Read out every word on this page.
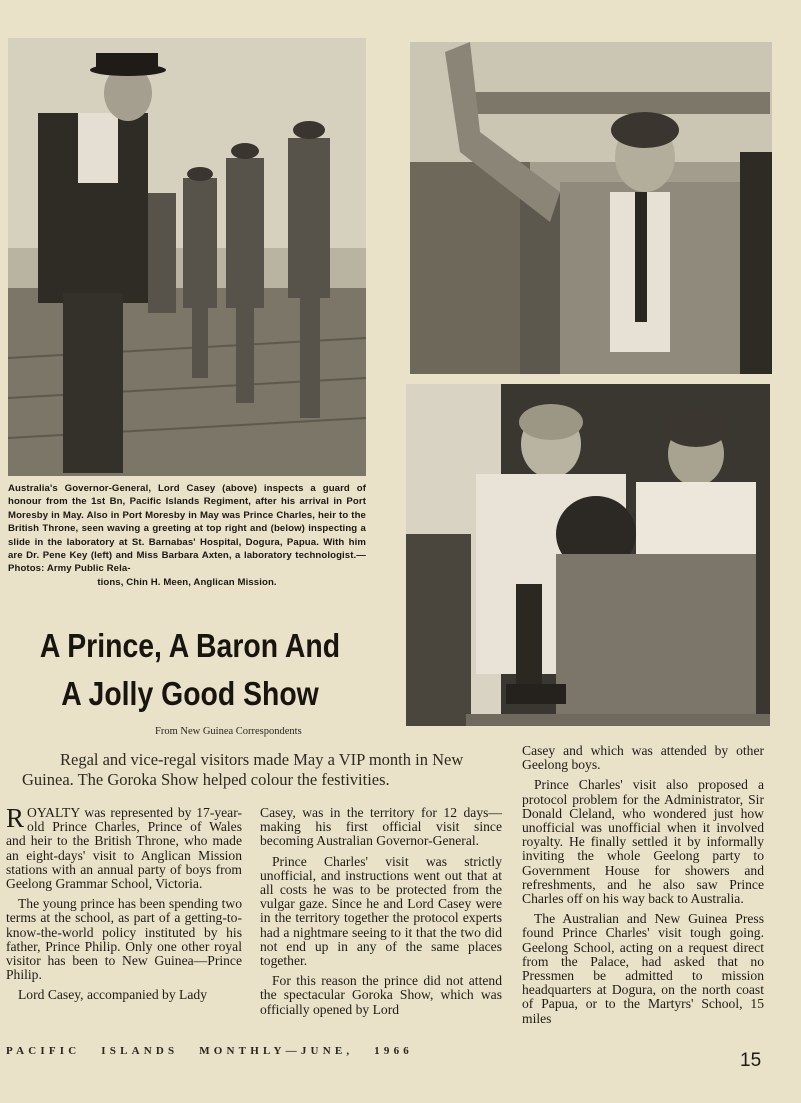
Australia's Governor-General, Lord Casey (above) inspects a guard of honour from the 1st Bn, Pacific Islands Regiment, after his arrival in Port Moresby in May. Also in Port Moresby in May was Prince Charles, heir to the British Throne, seen waving a greeting at top right and (below) inspecting a slide in the laboratory at St. Barnabas' Hospital, Dogura, Papua. With him are Dr. Pene Key (left) and Miss Barbara Axten, a laboratory technologist.—Photos: Army Public Rela-
tions, Chin H. Meen, Anglican Mission.
A Prince, A Baron And
A Jolly Good Show
From New Guinea Correspondents
Regal and vice-regal visitors made May a VIP month in New Guinea. The Goroka Show helped colour the festivities.

ROYALTY was represented by 17-year-old Prince Charles, Prince of Wales and heir to the British Throne, who made an eight-days' visit to Anglican Mission stations with an annual party of boys from Geelong Grammar School, Victoria.

The young prince has been spending two terms at the school, as part of a getting-to-know-the-world policy instituted by his father, Prince Philip. Only one other royal visitor has been to New Guinea—Prince Philip.

Lord Casey, accompanied by Lady

Casey, was in the territory for 12 days—making his first official visit since becoming Australian Governor-General.

Prince Charles' visit was strictly unofficial, and instructions went out that at all costs he was to be protected from the vulgar gaze. Since he and Lord Casey were in the territory together the protocol experts had a nightmare seeing to it that the two did not end up in any of the same places together.

For this reason the prince did not attend the spectacular Goroka Show, which was officially opened by Lord

Casey and which was attended by other Geelong boys.

Prince Charles' visit also proposed a protocol problem for the Administrator, Sir Donald Cleland, who wondered just how unofficial was unofficial when it involved royalty. He finally settled it by informally inviting the whole Geelong party to Government House for showers and refreshments, and he also saw Prince Charles off on his way back to Australia.

The Australian and New Guinea Press found Prince Charles' visit tough going. Geelong School, acting on a request direct from the Palace, had asked that no Pressmen be admitted to mission headquarters at Dogura, on the north coast of Papua, or to the Martyrs' School, 15 miles

PACIFIC   ISLANDS   MONTHLY—JUNE,   1966	15
